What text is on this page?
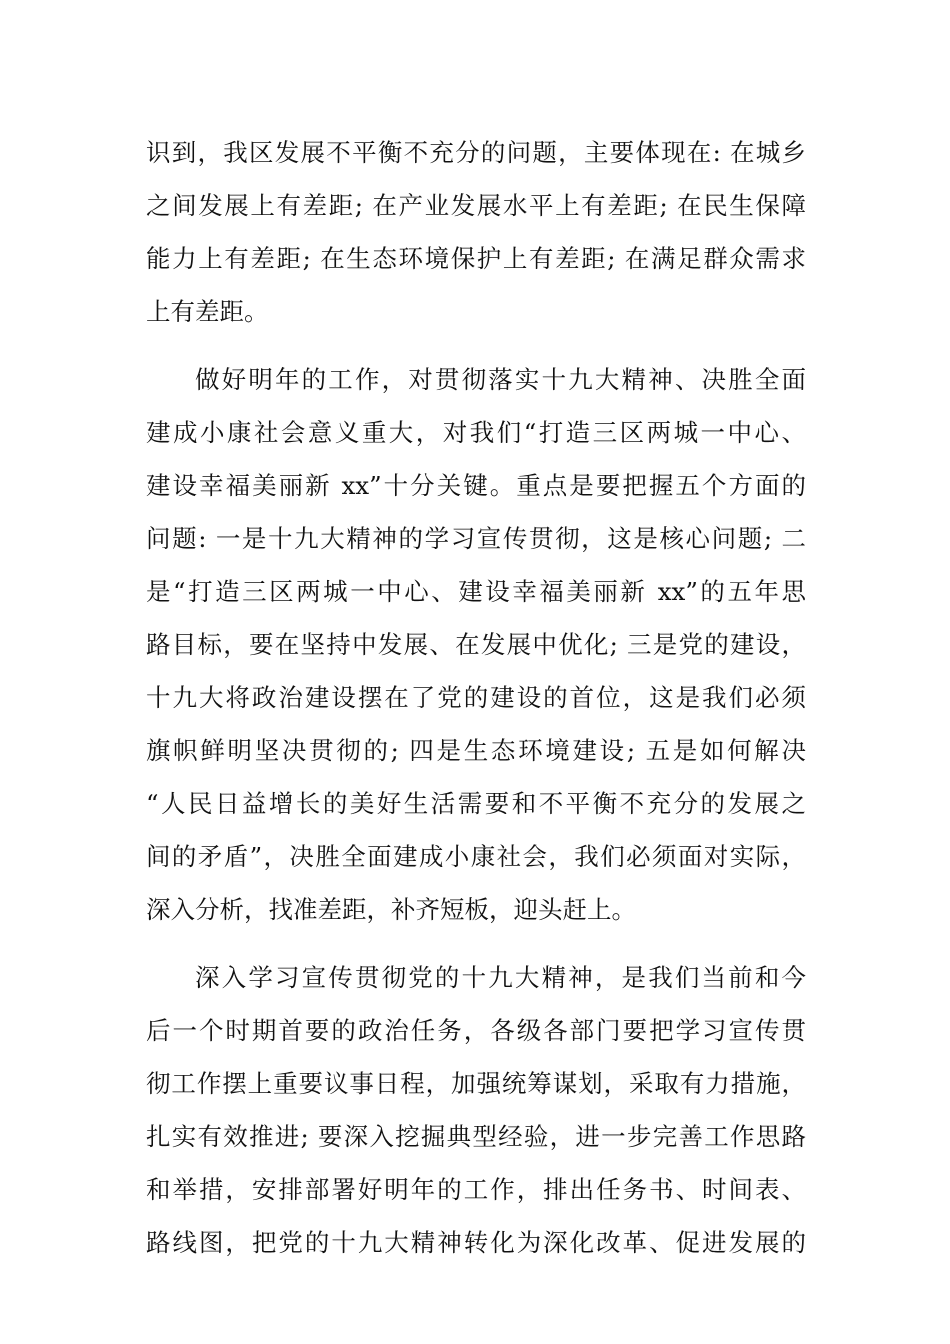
识到，我区发展不平衡不充分的问题，主要体现在: 在城乡
之间发展上有差距; 在产业发展水平上有差距; 在民生保障
能力上有差距; 在生态环境保护上有差距; 在满足群众需求
上有差距。

做好明年的工作，对贯彻落实十九大精神、决胜全面
建成小康社会意义重大，对我们“打造三区两城一中心、
建设幸福美丽新 xx”十分关键。重点是要把握五个方面的
问题: 一是十九大精神的学习宣传贯彻，这是核心问题; 二
是“打造三区两城一中心、建设幸福美丽新 xx”的五年思
路目标，要在坚持中发展、在发展中优化; 三是党的建设，
十九大将政治建设摆在了党的建设的首位，这是我们必须
旗帜鲜明坚决贯彻的; 四是生态环境建设; 五是如何解决
“人民日益增长的美好生活需要和不平衡不充分的发展之
间的矛盾”，决胜全面建成小康社会，我们必须面对实际，
深入分析，找准差距，补齐短板，迎头赶上。

深入学习宣传贯彻党的十九大精神，是我们当前和今
后一个时期首要的政治任务，各级各部门要把学习宣传贯
彻工作摆上重要议事日程，加强统筹谋划，采取有力措施，
扎实有效推进; 要深入挖掘典型经验，进一步完善工作思路
和举措，安排部署好明年的工作，排出任务书、时间表、
路线图，把党的十九大精神转化为深化改革、促进发展的
